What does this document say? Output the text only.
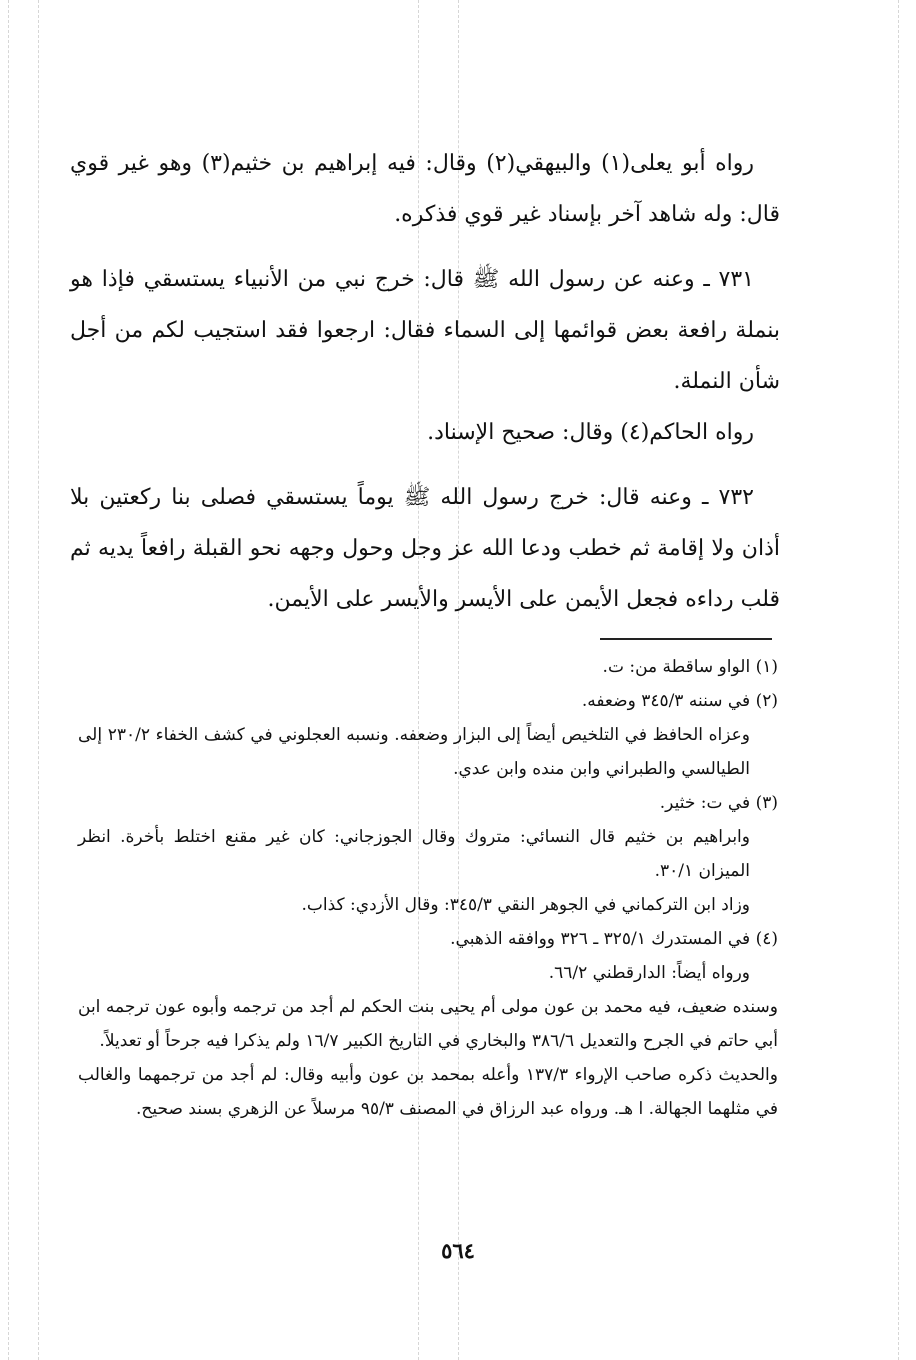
رواه أبو يعلى(١) والبيهقي(٢) وقال: فيه إبراهيم بن خثيم(٣) وهو غير قوي قال: وله شاهد آخر بإسناد غير قوي فذكره.

٧٣١ ـ وعنه عن رسول الله ﷺ قال: خرج نبي من الأنبياء يستسقي فإذا هو بنملة رافعة بعض قوائمها إلى السماء فقال: ارجعوا فقد استجيب لكم من أجل شأن النملة.

رواه الحاكم(٤) وقال: صحيح الإسناد.

٧٣٢ ـ وعنه قال: خرج رسول الله ﷺ يوماً يستسقي فصلى بنا ركعتين بلا أذان ولا إقامة ثم خطب ودعا الله عز وجل وحول وجهه نحو القبلة رافعاً يديه ثم قلب رداءه فجعل الأيمن على الأيسر والأيسر على الأيمن.

(١) الواو ساقطة من: ت.

(٢) في سننه ٣٤٥/٣ وضعفه.

وعزاه الحافظ في التلخيص أيضاً إلى البزار وضعفه. ونسبه العجلوني في كشف الخفاء ٢٣٠/٢ إلى الطيالسي والطبراني وابن منده وابن عدي.

(٣) في ت: خثير.

وابراهيم بن خثيم قال النسائي: متروك وقال الجوزجاني: كان غير مقنع اختلط بأخرة. انظر الميزان ٣٠/١.

وزاد ابن التركماني في الجوهر النقي ٣٤٥/٣: وقال الأزدي: كذاب.

(٤) في المستدرك ٣٢٥/١ ـ ٣٢٦ ووافقه الذهبي.

ورواه أيضاً: الدارقطني ٦٦/٢.

وسنده ضعيف، فيه محمد بن عون مولى أم يحيى بنت الحكم لم أجد من ترجمه وأبوه عون ترجمه ابن أبي حاتم في الجرح والتعديل ٣٨٦/٦ والبخاري في التاريخ الكبير ١٦/٧ ولم يذكرا فيه جرحاً أو تعديلاً.

والحديث ذكره صاحب الإرواء ١٣٧/٣ وأعله بمحمد بن عون وأبيه وقال: لم أجد من ترجمهما والغالب في مثلهما الجهالة. ا هـ. ورواه عبد الرزاق في المصنف ٩٥/٣ مرسلاً عن الزهري بسند صحيح.

٥٦٤
